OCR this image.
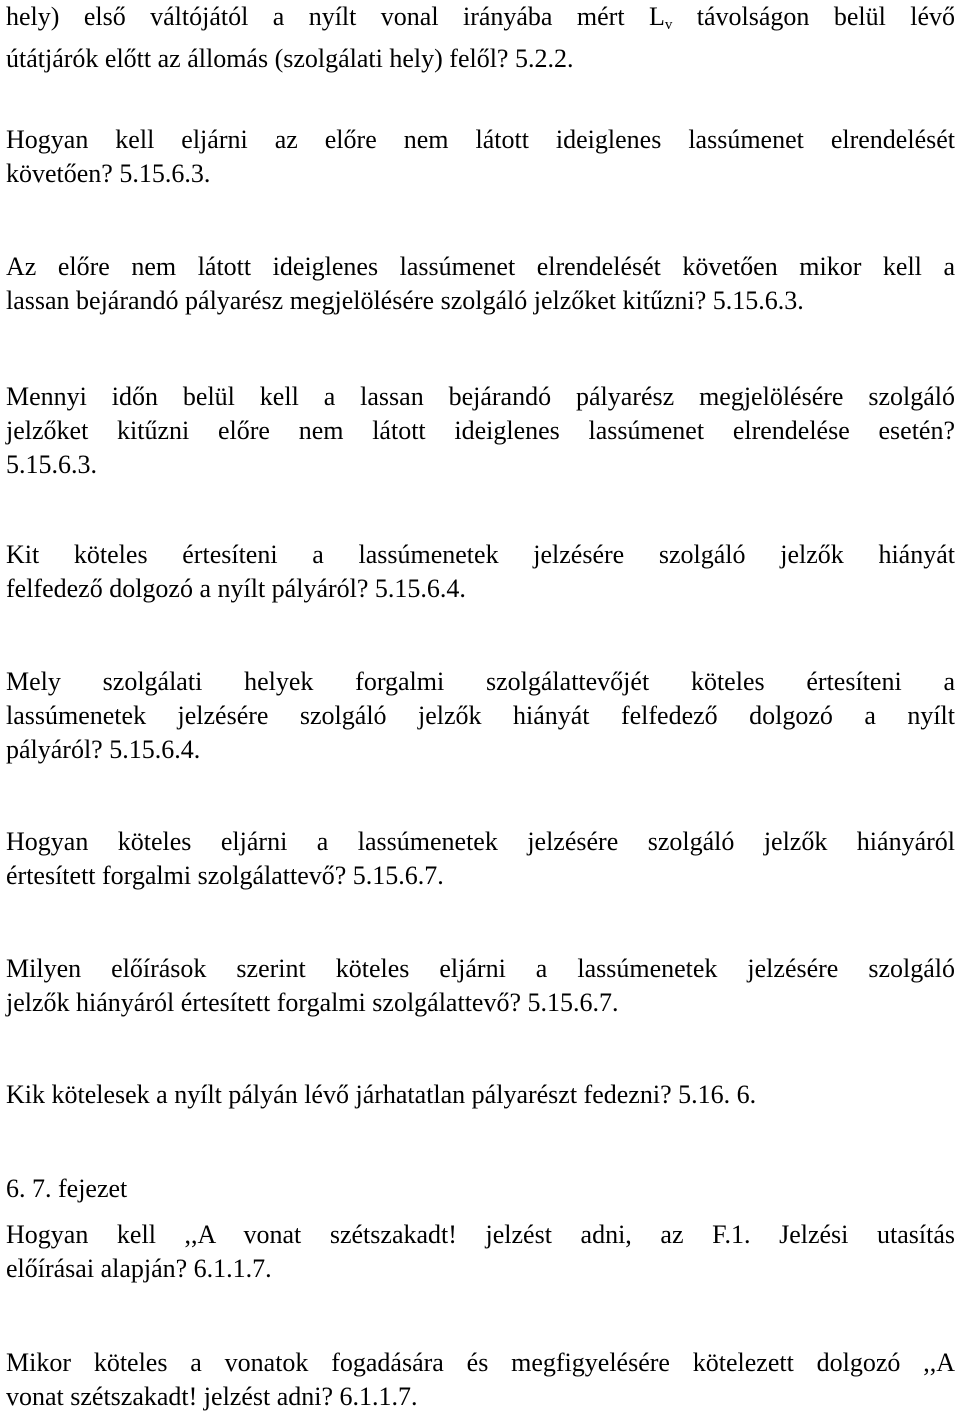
hely) első váltójától a nyílt vonal irányába mért $L_v$ távolságon belül lévő
útátjárók előtt az állomás (szolgálati hely) felől? 5.2.2.

Hogyan kell eljárni az előre nem látott ideiglenes lassúmenet elrendelését
követően? 5.15.6.3.

Az előre nem látott ideiglenes lassúmenet elrendelését követően mikor kell a
lassan bejárandó pályarész megjelölésére szolgáló jelzőket kitűzni? 5.15.6.3.

Mennyi időn belül kell a lassan bejárandó pályarész megjelölésére szolgáló
jelzőket kitűzni előre nem látott ideiglenes lassúmenet elrendelése esetén?
5.15.6.3.

Kit köteles értesíteni a lassúmenetek jelzésére szolgáló jelzők hiányát
felfedező dolgozó a nyílt pályáról? 5.15.6.4.

Mely szolgálati helyek forgalmi szolgálattevőjét köteles értesíteni a
lassúmenetek jelzésére szolgáló jelzők hiányát felfedező dolgozó a nyílt
pályáról? 5.15.6.4.

Hogyan köteles eljárni a lassúmenetek jelzésére szolgáló jelzők hiányáról
értesített forgalmi szolgálattevő? 5.15.6.7.

Milyen előírások szerint köteles eljárni a lassúmenetek jelzésére szolgáló
jelzők hiányáról értesített forgalmi szolgálattevő? 5.15.6.7.

Kik kötelesek a nyílt pályán lévő járhatatlan pályarészt fedezni? 5.16. 6.

6. 7. fejezet

Hogyan kell ,,A vonat szétszakadt! jelzést adni, az F.1. Jelzési utasítás
előírásai alapján? 6.1.1.7.

Mikor köteles a vonatok fogadására és megfigyelésére kötelezett dolgozó ,,A
vonat szétszakadt! jelzést adni? 6.1.1.7.
